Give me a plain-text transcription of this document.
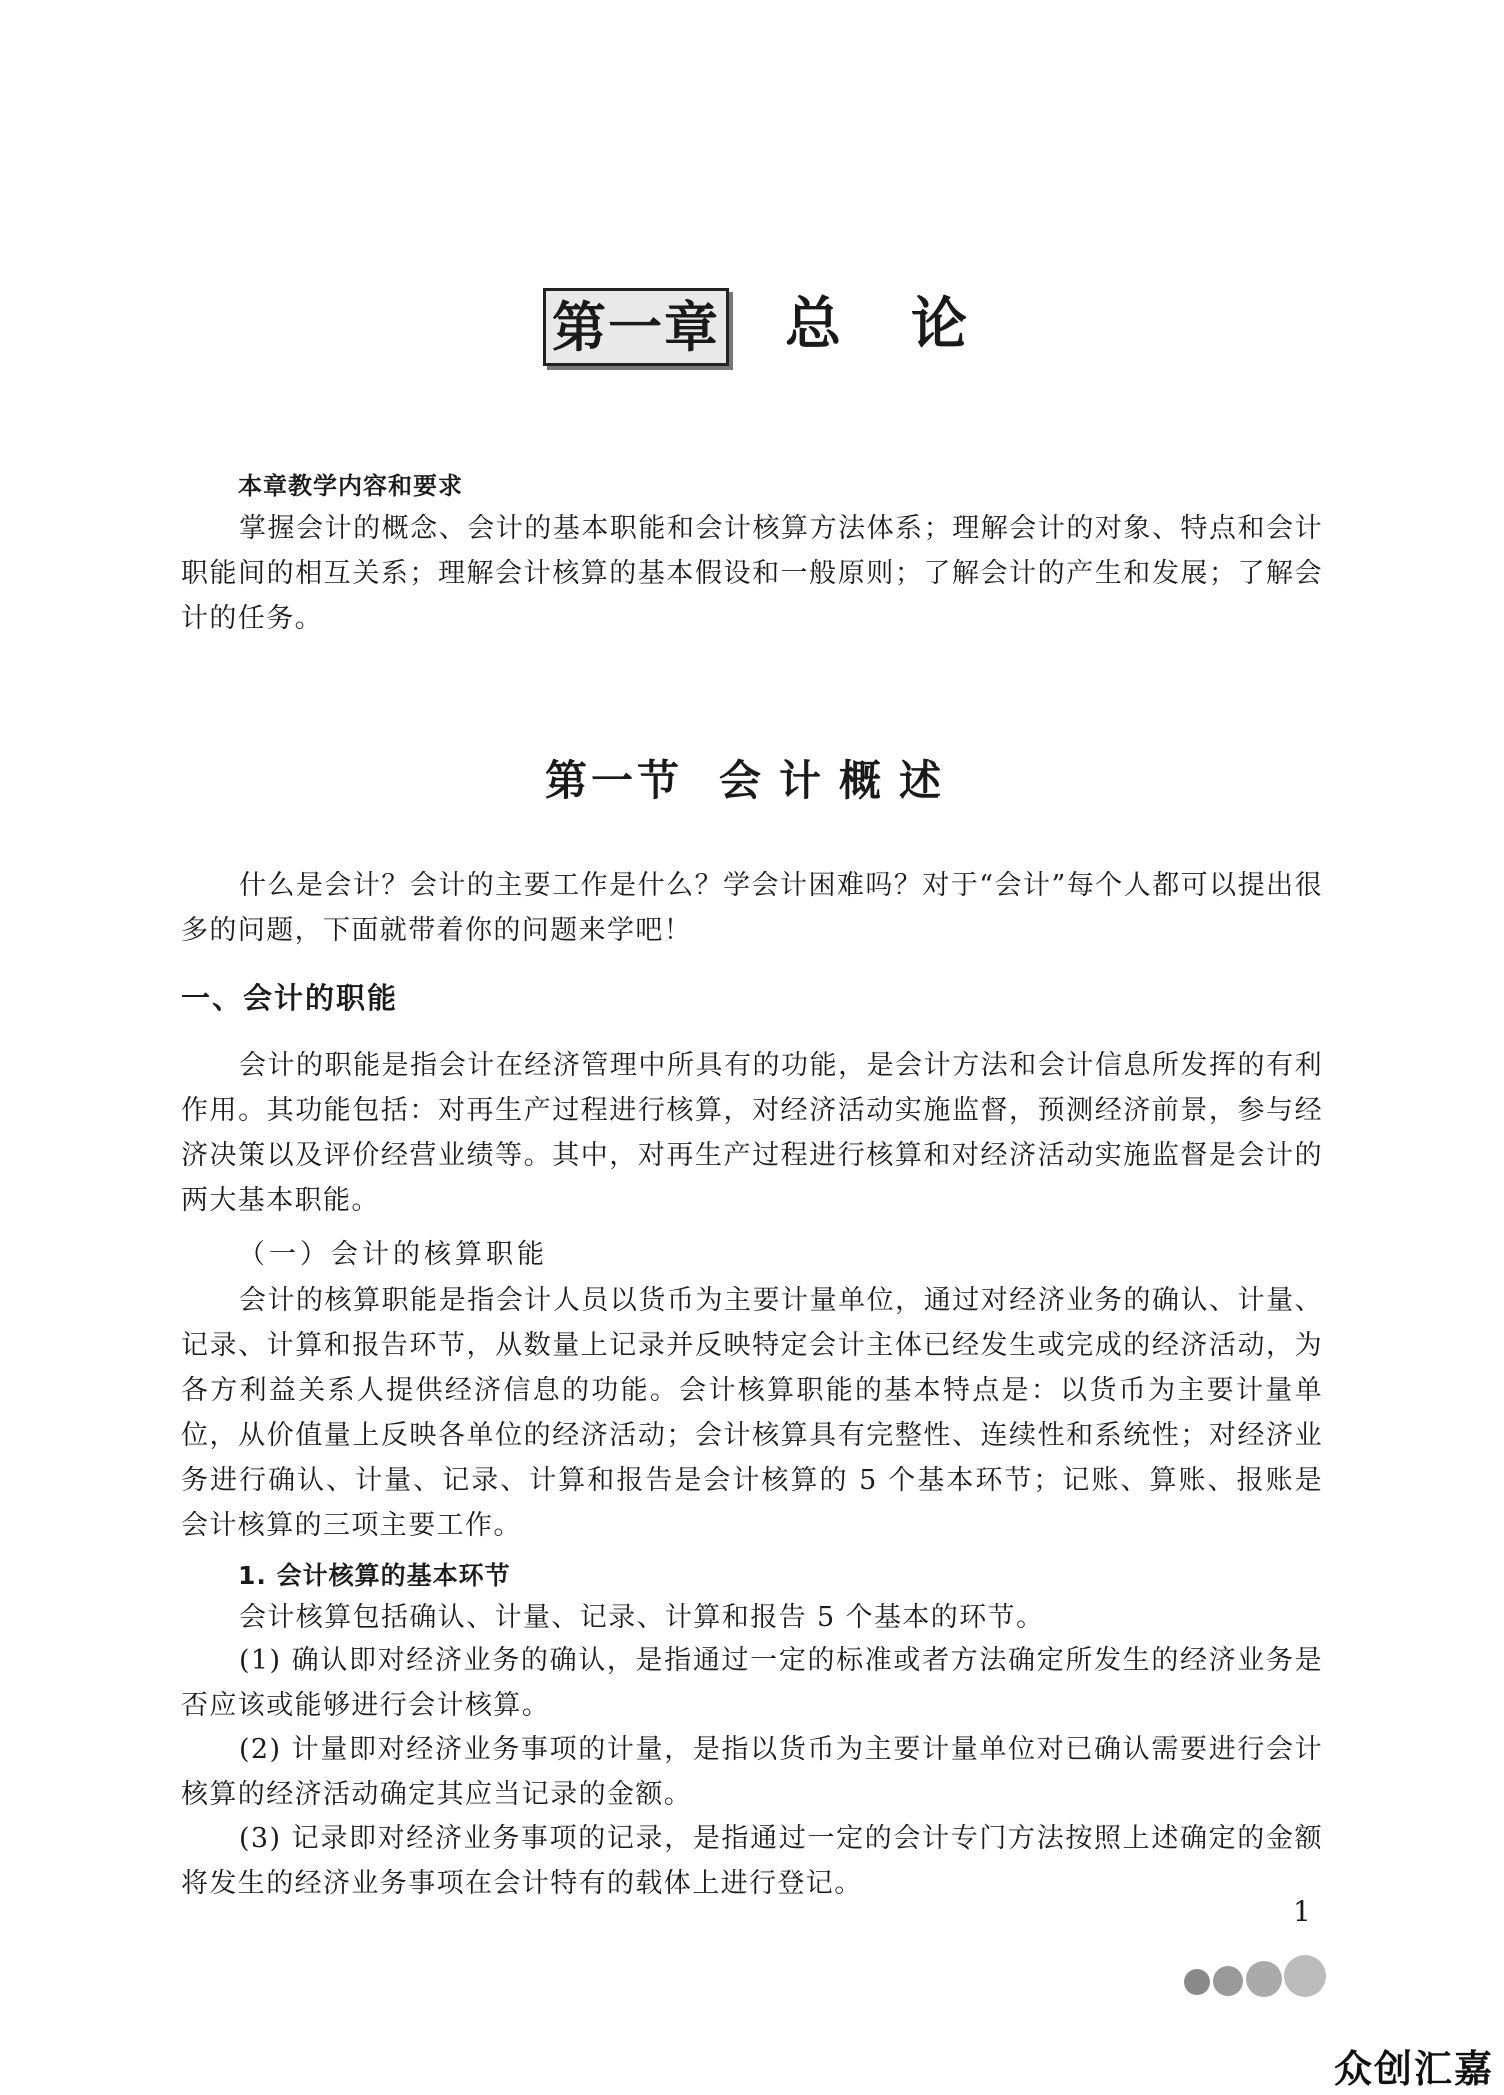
第一章 总论
本章教学内容和要求

掌握会计的概念、会计的基本职能和会计核算方法体系；理解会计的对象、特点和会计职能间的相互关系；理解会计核算的基本假设和一般原则；了解会计的产生和发展；了解会计的任务。

第一节 会计概述

什么是会计？会计的主要工作是什么？学会计困难吗？对于“会计”每个人都可以提出很多的问题，下面就带着你的问题来学吧！

一、会计的职能

会计的职能是指会计在经济管理中所具有的功能，是会计方法和会计信息所发挥的有利作用。其功能包括：对再生产过程进行核算，对经济活动实施监督，预测经济前景，参与经济决策以及评价经营业绩等。其中，对再生产过程进行核算和对经济活动实施监督是会计的两大基本职能。

（一）会计的核算职能

会计的核算职能是指会计人员以货币为主要计量单位，通过对经济业务的确认、计量、记录、计算和报告环节，从数量上记录并反映特定会计主体已经发生或完成的经济活动，为各方利益关系人提供经济信息的功能。会计核算职能的基本特点是：以货币为主要计量单位，从价值量上反映各单位的经济活动；会计核算具有完整性、连续性和系统性；对经济业务进行确认、计量、记录、计算和报告是会计核算的 5 个基本环节；记账、算账、报账是会计核算的三项主要工作。

1. 会计核算的基本环节

会计核算包括确认、计量、记录、计算和报告 5 个基本的环节。

(1) 确认即对经济业务的确认，是指通过一定的标准或者方法确定所发生的经济业务是否应该或能够进行会计核算。

(2) 计量即对经济业务事项的计量，是指以货币为主要计量单位对已确认需要进行会计核算的经济活动确定其应当记录的金额。

(3) 记录即对经济业务事项的记录，是指通过一定的会计专门方法按照上述确定的金额将发生的经济业务事项在会计特有的载体上进行登记。

1
众创汇嘉
